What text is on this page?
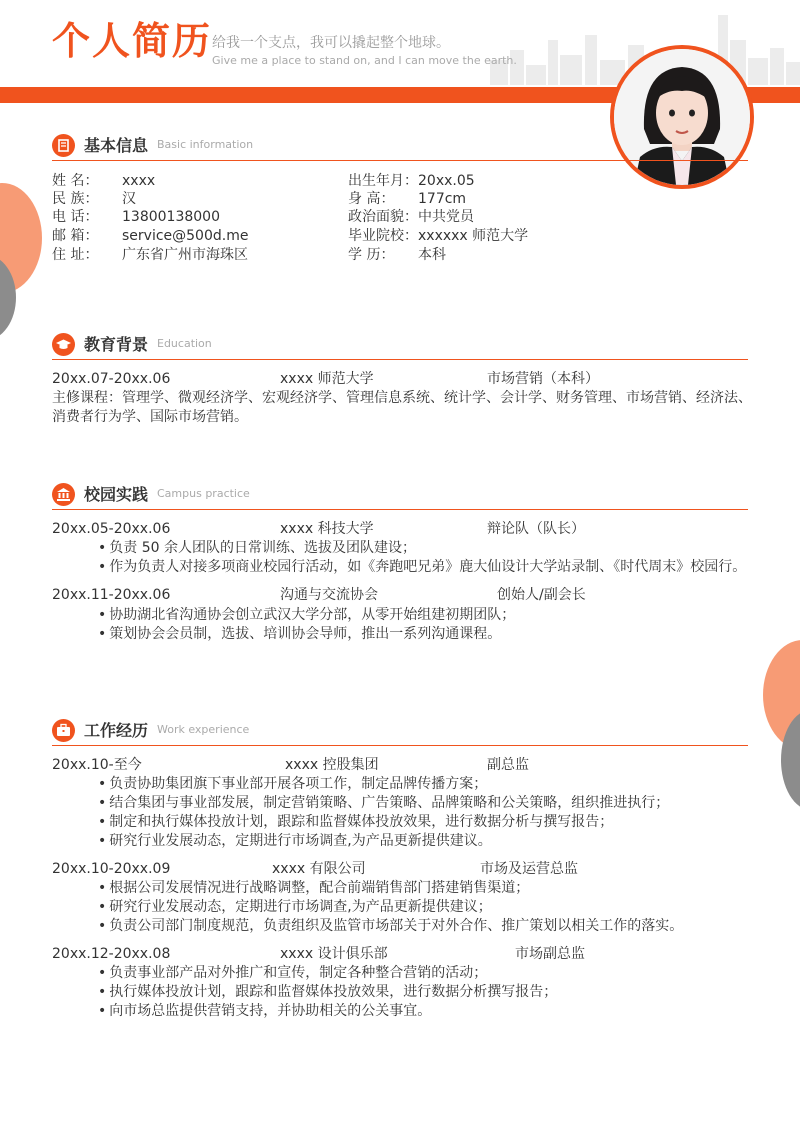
个人简历 给我一个支点，我可以撬起整个地球。
Give me a place to stand on, and I can move the earth.
基本信息 Basic information
姓 名： xxxx
民 族： 汉
电 话： 13800138000
邮 箱： service@500d.me
住 址： 广东省广州市海珠区
出生年月：20xx.05
身 高： 177cm
政治面貌：中共党员
毕业院校：xxxxxx 师范大学
学 历： 本科
教育背景 Education
20xx.07-20xx.06	xxxx 师范大学	市场营销（本科）
主修课程：管理学、微观经济学、宏观经济学、管理信息系统、统计学、会计学、财务管理、市场营销、经济法、
消费者行为学、国际市场营销。
校园实践 Campus practice
20xx.05-20xx.06	xxxx 科技大学	辩论队（队长）
• 负责 50 余人团队的日常训练、选拔及团队建设；
• 作为负责人对接多项商业校园行活动，如《奔跑吧兄弟》鹿大仙设计大学站录制、《时代周末》校园行。
20xx.11-20xx.06	沟通与交流协会	创始人/副会长
• 协助湖北省沟通协会创立武汉大学分部，从零开始组建初期团队；
• 策划协会会员制，选拔、培训协会导师，推出一系列沟通课程。
工作经历 Work experience
20xx.10-至今	xxxx 控股集团	副总监
• 负责协助集团旗下事业部开展各项工作，制定品牌传播方案；
• 结合集团与事业部发展，制定营销策略、广告策略、品牌策略和公关策略，组织推进执行；
• 制定和执行媒体投放计划，跟踪和监督媒体投放效果，进行数据分析与撰写报告；
• 研究行业发展动态，定期进行市场调查,为产品更新提供建议。
20xx.10-20xx.09	xxxx 有限公司	市场及运营总监
• 根据公司发展情况进行战略调整，配合前端销售部门搭建销售渠道；
• 研究行业发展动态，定期进行市场调查,为产品更新提供建议；
• 负责公司部门制度规范，负责组织及监管市场部关于对外合作、推广策划以相关工作的落实。
20xx.12-20xx.08	xxxx 设计俱乐部	市场副总监
• 负责事业部产品对外推广和宣传，制定各种整合营销的活动；
• 执行媒体投放计划，跟踪和监督媒体投放效果，进行数据分析撰写报告；
• 向市场总监提供营销支持，并协助相关的公关事宜。
